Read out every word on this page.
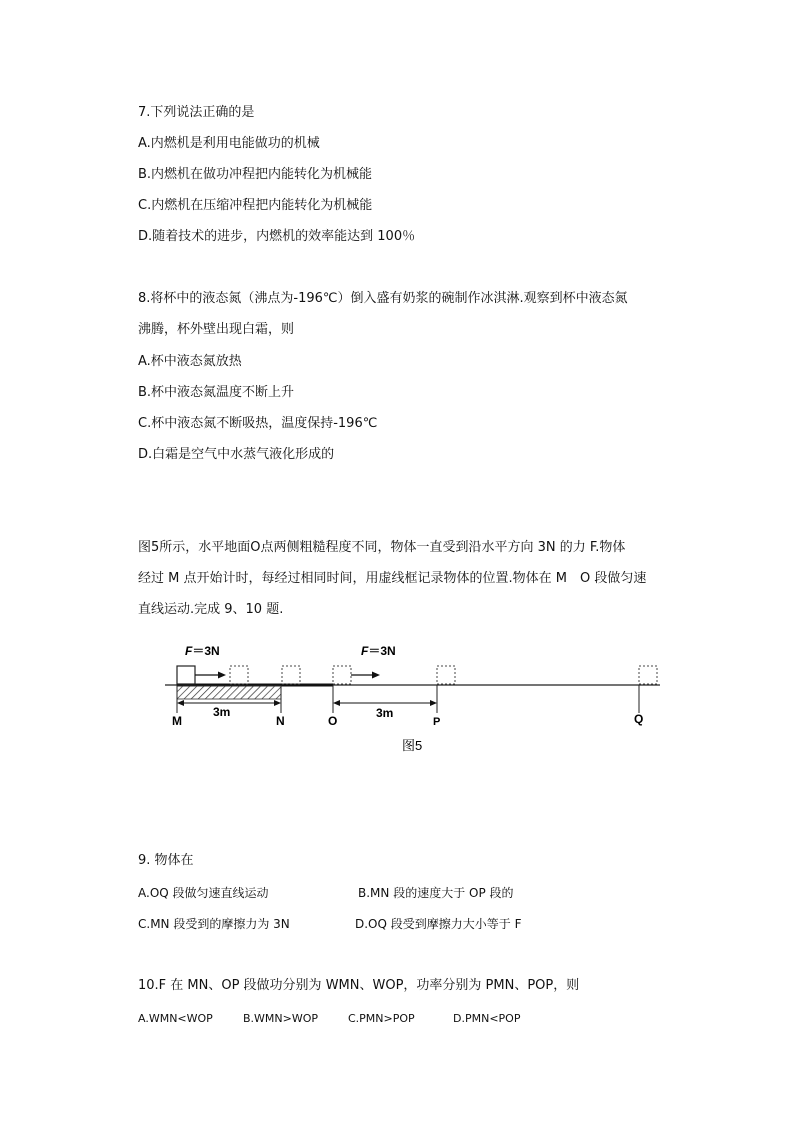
7.下列说法正确的是
A.内燃机是利用电能做功的机械
B.内燃机在做功冲程把内能转化为机械能
C.内燃机在压缩冲程把内能转化为机械能
D.随着技术的进步，内燃机的效率能达到 100％
8.将杯中的液态氮（沸点为-196℃）倒入盛有奶浆的碗制作冰淇淋.观察到杯中液态氮
沸腾，杯外壁出现白霜，则
A.杯中液态氮放热
B.杯中液态氮温度不断上升
C.杯中液态氮不断吸热，温度保持-196℃
D.白霜是空气中水蒸气液化形成的
图5所示，水平地面O点两侧粗糙程度不同，物体一直受到沿水平方向 3N 的力 F.物体
经过 M 点开始计时，每经过相同时间，用虚线框记录物体的位置.物体在 M　O 段做匀速
直线运动.完成 9、10 题.
F＝3N	F＝3N
3m	3m
M	N	O	P	Q
图5
9. 物体在
A.OQ 段做匀速直线运动	B.MN 段的速度大于 OP 段的
C.MN 段受到的摩擦力为 3N	D.OQ 段受到摩擦力大小等于 F
10.F 在 MN、OP 段做功分别为 WMN、WOP，功率分别为 PMN、POP，则
A.WMN<WOP	B.WMN>WOP	C.PMN>POP	D.PMN<POP
